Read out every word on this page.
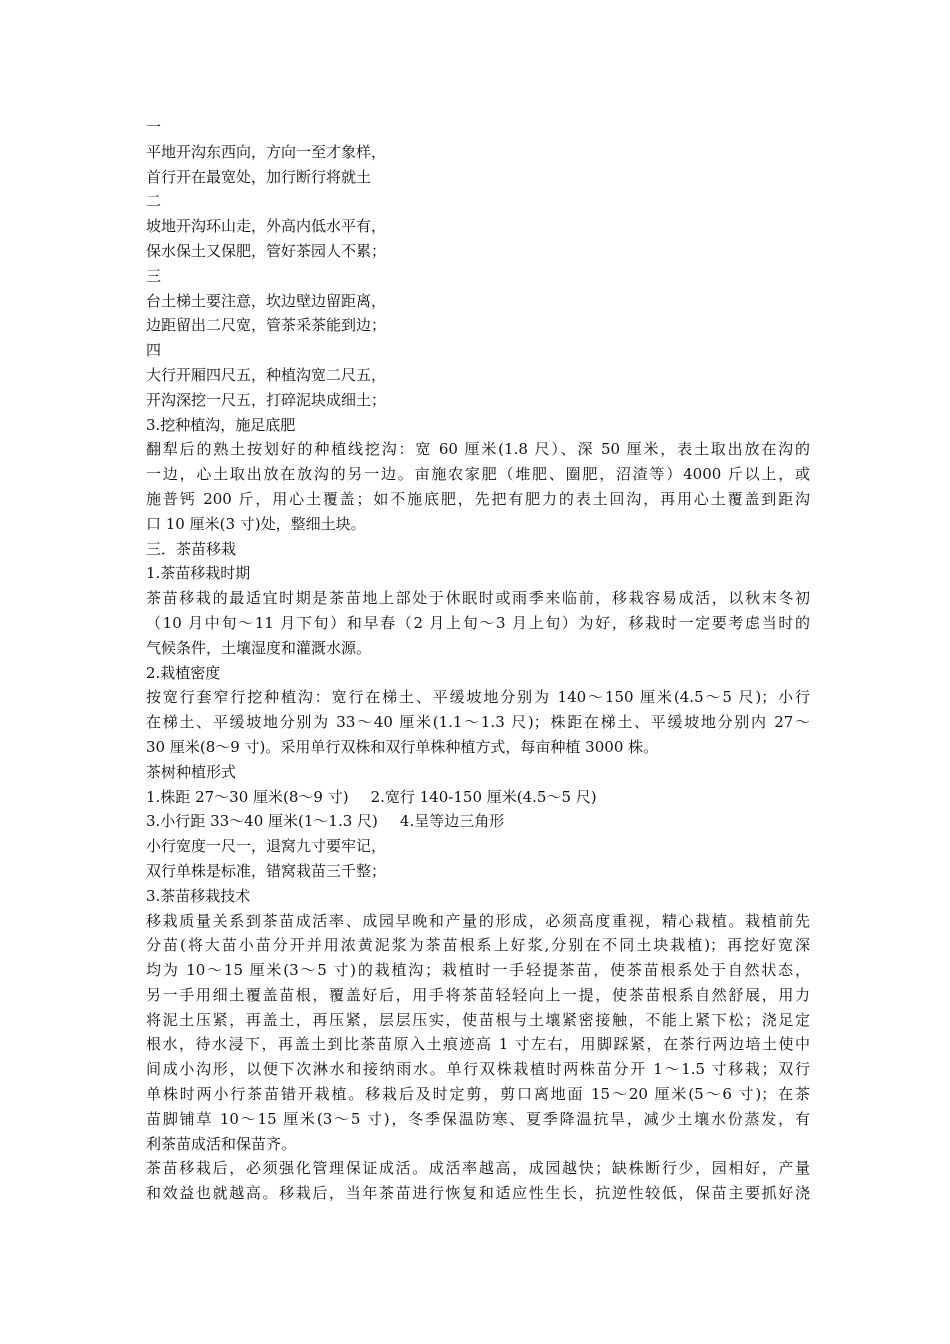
一
平地开沟东西向，方向一至才象样，
首行开在最宽处，加行断行将就土
二
坡地开沟环山走，外高内低水平有，
保水保土又保肥，管好茶园人不累；
三
台土梯土要注意，坎边壁边留距离，
边距留出二尺宽，管茶采茶能到边；
四
大行开厢四尺五，种植沟宽二尺五，
开沟深挖一尺五，打碎泥块成细土；
3.挖种植沟，施足底肥
翻犁后的熟土按划好的种植线挖沟：宽 60 厘米(1.8 尺）、深 50 厘米，表土取出放在沟的
一边，心土取出放在放沟的另一边。亩施农家肥（堆肥、圈肥，沼渣等）4000 斤以上，或
施普钙 200 斤，用心土覆盖；如不施底肥，先把有肥力的表土回沟，再用心土覆盖到距沟
口 10 厘米(3 寸)处，整细土块。
三．茶苗移栽
1.茶苗移栽时期
茶苗移栽的最适宜时期是茶苗地上部处于休眠时或雨季来临前，移栽容易成活，以秋末冬初
（10 月中旬～11 月下旬）和早春（2 月上旬～3 月上旬）为好，移栽时一定要考虑当时的
气候条件，土壤湿度和灌溉水源。
2.栽植密度
按宽行套窄行挖种植沟：宽行在梯土、平缓坡地分别为 140～150 厘米(4.5～5 尺)；小行
在梯土、平缓坡地分别为 33～40 厘米(1.1～1.3 尺)；株距在梯土、平缓坡地分别内 27～
30 厘米(8～9 寸)。采用单行双株和双行单株种植方式，每亩种植 3000 株。
茶树种植形式
1.株距 27～30 厘米(8～9 寸) 2.宽行 140-150 厘米(4.5～5 尺)
3.小行距 33～40 厘米(1～1.3 尺) 4.呈等边三角形
小行宽度一尺一，退窝九寸要牢记，
双行单株是标准，错窝栽苗三千整；
3.茶苗移栽技术
移栽质量关系到茶苗成活率、成园早晚和产量的形成，必须高度重视，精心栽植。栽植前先
分苗(将大苗小苗分开并用浓黄泥浆为茶苗根系上好浆,分别在不同土块栽植)；再挖好宽深
均为 10～15 厘米(3～5 寸)的栽植沟；栽植时一手轻提茶苗，使茶苗根系处于自然状态，
另一手用细土覆盖苗根，覆盖好后，用手将茶苗轻轻向上一提，使茶苗根系自然舒展，用力
将泥土压紧，再盖土，再压紧，层层压实，使苗根与土壤紧密接触，不能上紧下松；浇足定
根水，待水浸下，再盖土到比茶苗原入土痕迹高 1 寸左右，用脚踩紧，在茶行两边培土使中
间成小沟形，以便下次淋水和接纳雨水。单行双株栽植时两株苗分开 1～1.5 寸移栽；双行
单株时两小行茶苗错开栽植。移栽后及时定剪，剪口离地面 15～20 厘米(5～6 寸)；在茶
苗脚铺草 10～15 厘米(3～5 寸)，冬季保温防寒、夏季降温抗旱，减少土壤水份蒸发，有
利茶苗成活和保苗齐。
茶苗移栽后，必须强化管理保证成活。成活率越高，成园越快；缺株断行少，园相好，产量
和效益也就越高。移栽后，当年茶苗进行恢复和适应性生长，抗逆性较低，保苗主要抓好浇
